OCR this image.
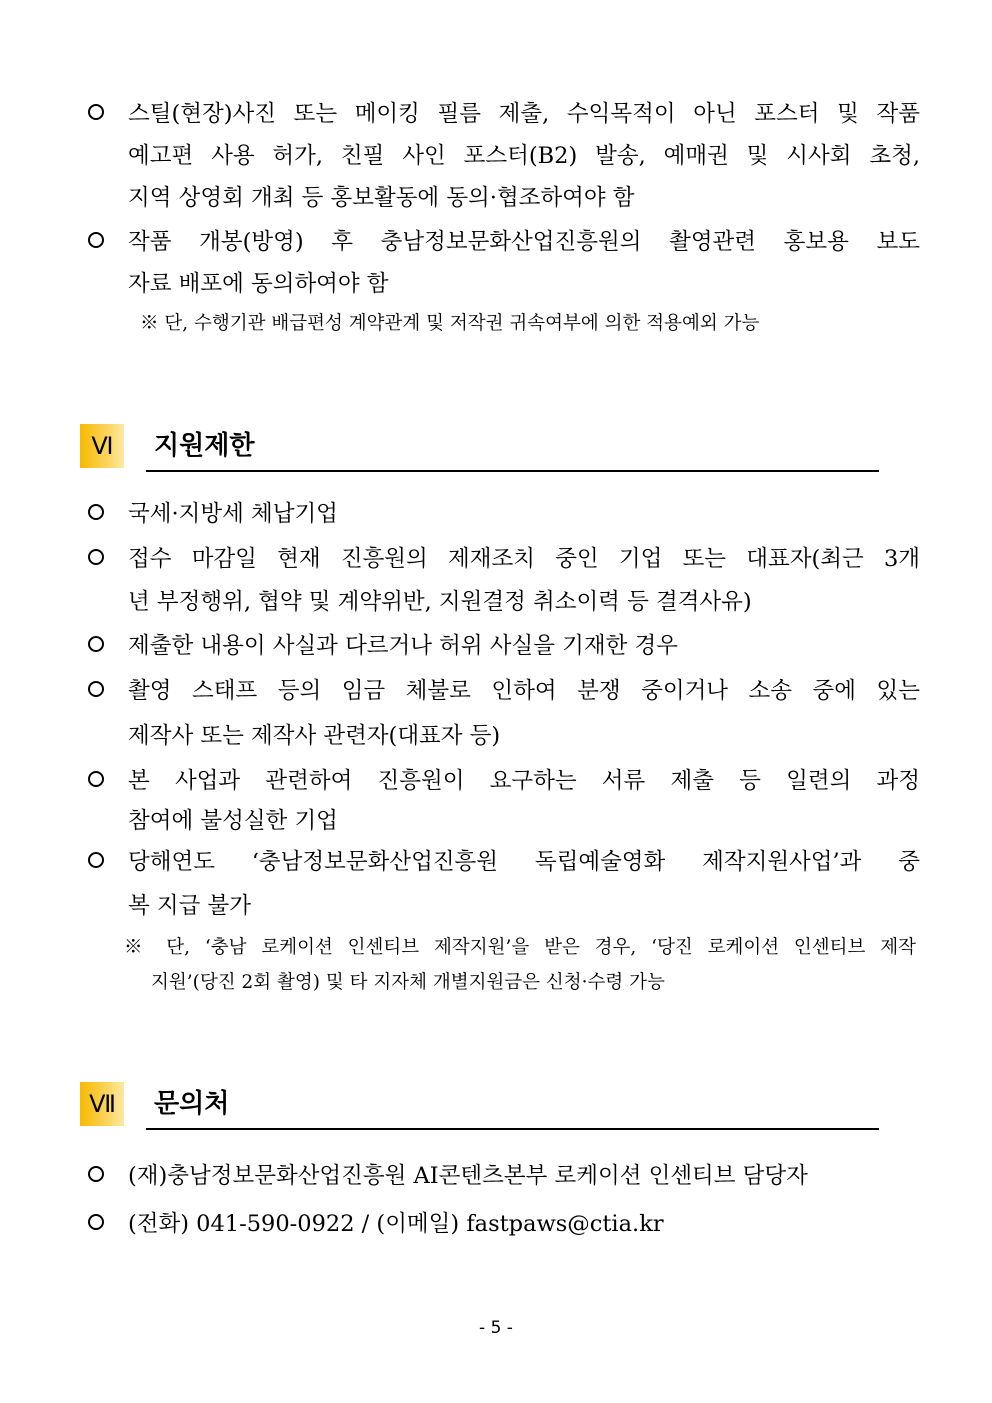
스틸(현장)사진 또는 메이킹 필름 제출, 수익목적이 아닌 포스터 및 작품
예고편 사용 허가, 친필 사인 포스터(B2) 발송, 예매권 및 시사회 초청,
지역 상영회 개최 등 홍보활동에 동의·협조하여야 함
작품 개봉(방영) 후 충남정보문화산업진흥원의 촬영관련 홍보용 보도
자료 배포에 동의하여야 함
※ 단, 수행기관 배급편성 계약관계 및 저작권 귀속여부에 의한 적용예외 가능
Ⅵ	지원제한
국세·지방세 체납기업
접수 마감일 현재 진흥원의 제재조치 중인 기업 또는 대표자(최근 3개
년 부정행위, 협약 및 계약위반, 지원결정 취소이력 등 결격사유)
제출한 내용이 사실과 다르거나 허위 사실을 기재한 경우
촬영 스태프 등의 임금 체불로 인하여 분쟁 중이거나 소송 중에 있는
제작사 또는 제작사 관련자(대표자 등)
본 사업과 관련하여 진흥원이 요구하는 서류 제출 등 일련의 과정
참여에 불성실한 기업
당해연도 ‘충남정보문화산업진흥원 독립예술영화 제작지원사업’과 중
복 지급 불가
※ 단, ‘충남 로케이션 인센티브 제작지원’을 받은 경우, ‘당진 로케이션 인센티브 제작
지원’(당진 2회 촬영) 및 타 지자체 개별지원금은 신청·수령 가능
Ⅶ	문의처
(재)충남정보문화산업진흥원 AI콘텐츠본부 로케이션 인센티브 담당자
(전화) 041-590-0922 / (이메일) fastpaws@ctia.kr
- 5 -
